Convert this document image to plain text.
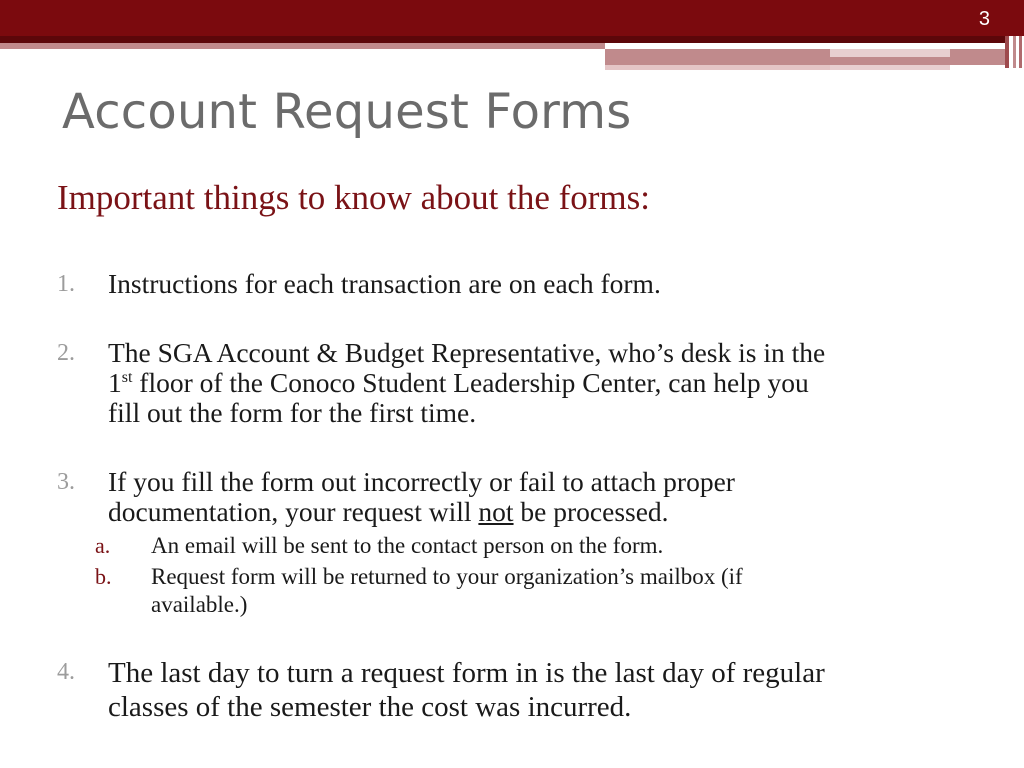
3
Account Request Forms
Important things to know about the forms:
1. Instructions for each transaction are on each form.
2. The SGA Account & Budget Representative, who’s desk is in the
1st floor of the Conoco Student Leadership Center, can help you
fill out the form for the first time.
3. If you fill the form out incorrectly or fail to attach proper
documentation, your request will not be processed.
a. An email will be sent to the contact person on the form.
b. Request form will be returned to your organization’s mailbox (if
available.)
4. The last day to turn a request form in is the last day of regular
classes of the semester the cost was incurred.
